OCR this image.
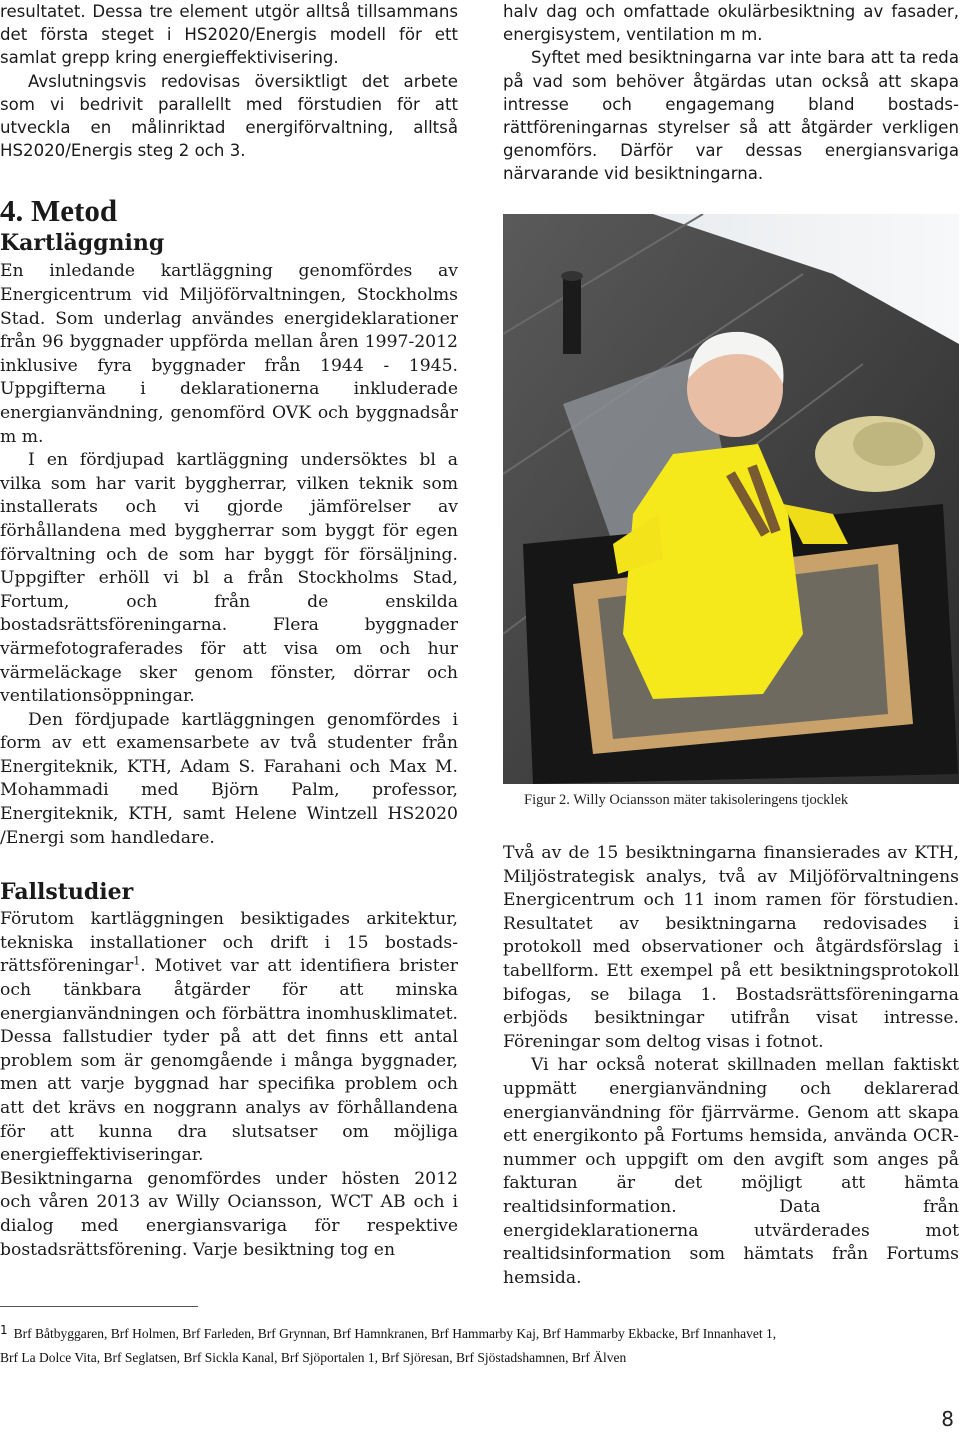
resultatet. Dessa tre element utgör alltså tillsammans det första steget i HS2020/Energis modell för ett samlat grepp kring energieffektivisering.

Avslutningsvis redovisas översiktligt det arbete som vi bedrivit parallellt med förstudien för att utveckla en målinriktad energiförvaltning, alltså HS2020/Energis steg 2 och 3.

4. Metod
Kartläggning

En inledande kartläggning genomfördes av Energicentrum vid Miljöförvaltningen, Stockholms Stad. Som underlag användes energideklarationer från 96 byggnader uppförda mellan åren 1997-2012 inklusive fyra byggnader från 1944 - 1945. Uppgifterna i deklarationerna inkluderade energianvändning, genomförd OVK och byggnadsår m m.

I en fördjupad kartläggning undersöktes bl a vilka som har varit byggherrar, vilken teknik som installerats och vi gjorde jämförelser av förhållandena med byggherrar som byggt för egen förvaltning och de som har byggt för försäljning. Uppgifter erhöll vi bl a från Stockholms Stad, Fortum, och från de enskilda bostadsrättsföreningarna. Flera byggnader värmefotograferades för att visa om och hur värmeläckage sker genom fönster, dörrar och ventilationsöppningar.

Den fördjupade kartläggningen genomfördes i form av ett examensarbete av två studenter från Energiteknik, KTH, Adam S. Farahani och Max M. Mohammadi med Björn Palm, professor, Energiteknik, KTH, samt Helene Wintzell HS2020 /Energi som handledare.

Fallstudier

Förutom kartläggningen besiktigades arkitektur, tekniska installationer och drift i 15 bostadsrättsföreningar$^1$. Motivet var att identifiera brister och tänkbara åtgärder för att minska energianvändningen och förbättra inomhusklimatet. Dessa fallstudier tyder på att det finns ett antal problem som är genomgående i många byggnader, men att varje byggnad har specifika problem och att det krävs en noggrann analys av förhållandena för att kunna dra slutsatser om möjliga energieffektiviseringar.

Besiktningarna genomfördes under hösten 2012 och våren 2013 av Willy Ociansson, WCT AB och i dialog med energiansvariga för respektive bostadsrättsförening. Varje besiktning tog en

halv dag och omfattade okulärbesiktning av fasader, energisystem, ventilation m m.

Syftet med besiktningarna var inte bara att ta reda på vad som behöver åtgärdas utan också att skapa intresse och engagemang bland bostadsrättföreningarnas styrelser så att åtgärder verkligen genomförs. Därför var dessas energiansvariga närvarande vid besiktningarna.

Figur 2. Willy Ociansson mäter takisoleringens tjocklek

Två av de 15 besiktningarna finansierades av KTH, Miljöstrategisk analys, två av Miljöförvaltningens Energicentrum och 11 inom ramen för förstudien. Resultatet av besiktningarna redovisades i protokoll med observationer och åtgärdsförslag i tabellform. Ett exempel på ett besiktningsprotokoll bifogas, se bilaga 1. Bostadsrättsföreningarna erbjöds besiktningar utifrån visat intresse. Föreningar som deltog visas i fotnot.

Vi har också noterat skillnaden mellan faktiskt uppmätt energianvändning och deklarerad energianvändning för fjärrvärme. Genom att skapa ett energikonto på Fortums hemsida, använda OCR-nummer och uppgift om den avgift som anges på fakturan är det möjligt att hämta realtidsinformation. Data från energideklarationerna utvärderades mot realtidsinformation som hämtats från Fortums hemsida.

1 Brf Båtbyggaren, Brf Holmen, Brf Farleden, Brf Grynnan, Brf Hamnkranen, Brf Hammarby Kaj, Brf Hammarby Ekbacke, Brf Innanhavet 1,
Brf La Dolce Vita, Brf Seglatsen, Brf Sickla Kanal, Brf Sjöportalen 1, Brf Sjöresan, Brf Sjöstadshamnen, Brf Älven
8
